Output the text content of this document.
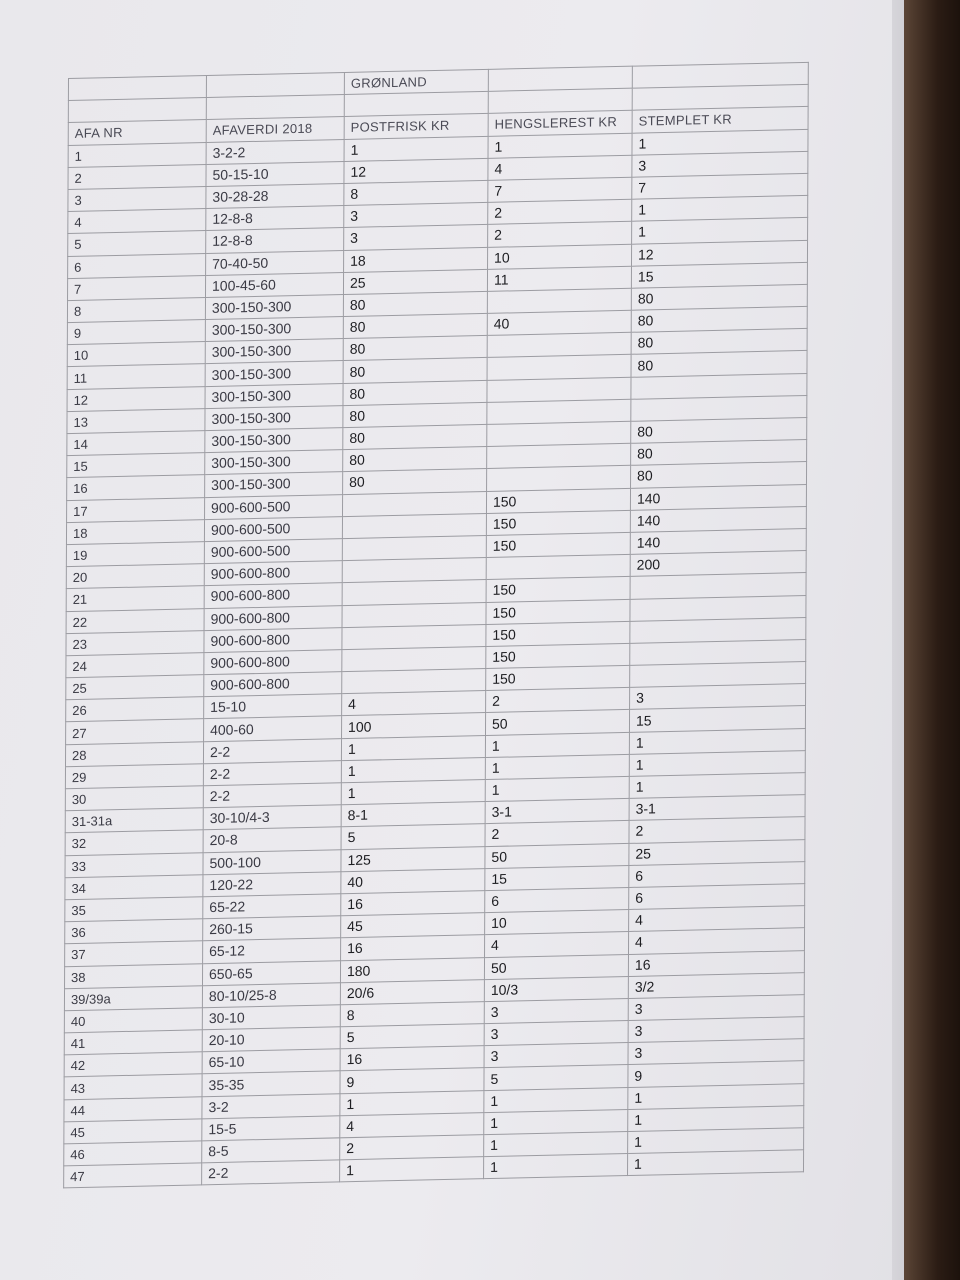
		GRØNLAND		

AFA NR	AFAVERDI 2018	POSTFRISK KR	HENGSLEREST KR	STEMPLET KR
1	3-2-2	1	1	1
2	50-15-10	12	4	3
3	30-28-28	8	7	7
4	12-8-8	3	2	1
5	12-8-8	3	2	1
6	70-40-50	18	10	12
7	100-45-60	25	11	15
8	300-150-300	80		80
9	300-150-300	80	40	80
10	300-150-300	80		80
11	300-150-300	80		80
12	300-150-300	80		
13	300-150-300	80		
14	300-150-300	80		80
15	300-150-300	80		80
16	300-150-300	80		80
17	900-600-500		150	140
18	900-600-500		150	140
19	900-600-500		150	140
20	900-600-800			200
21	900-600-800		150	
22	900-600-800		150	
23	900-600-800		150	
24	900-600-800		150	
25	900-600-800		150	
26	15-10	4	2	3
27	400-60	100	50	15
28	2-2	1	1	1
29	2-2	1	1	1
30	2-2	1	1	1
31-31a	30-10/4-3	8-1	3-1	3-1
32	20-8	5	2	2
33	500-100	125	50	25
34	120-22	40	15	6
35	65-22	16	6	6
36	260-15	45	10	4
37	65-12	16	4	4
38	650-65	180	50	16
39/39a	80-10/25-8	20/6	10/3	3/2
40	30-10	8	3	3
41	20-10	5	3	3
42	65-10	16	3	3
43	35-35	9	5	9
44	3-2	1	1	1
45	15-5	4	1	1
46	8-5	2	1	1
47	2-2	1	1	1
